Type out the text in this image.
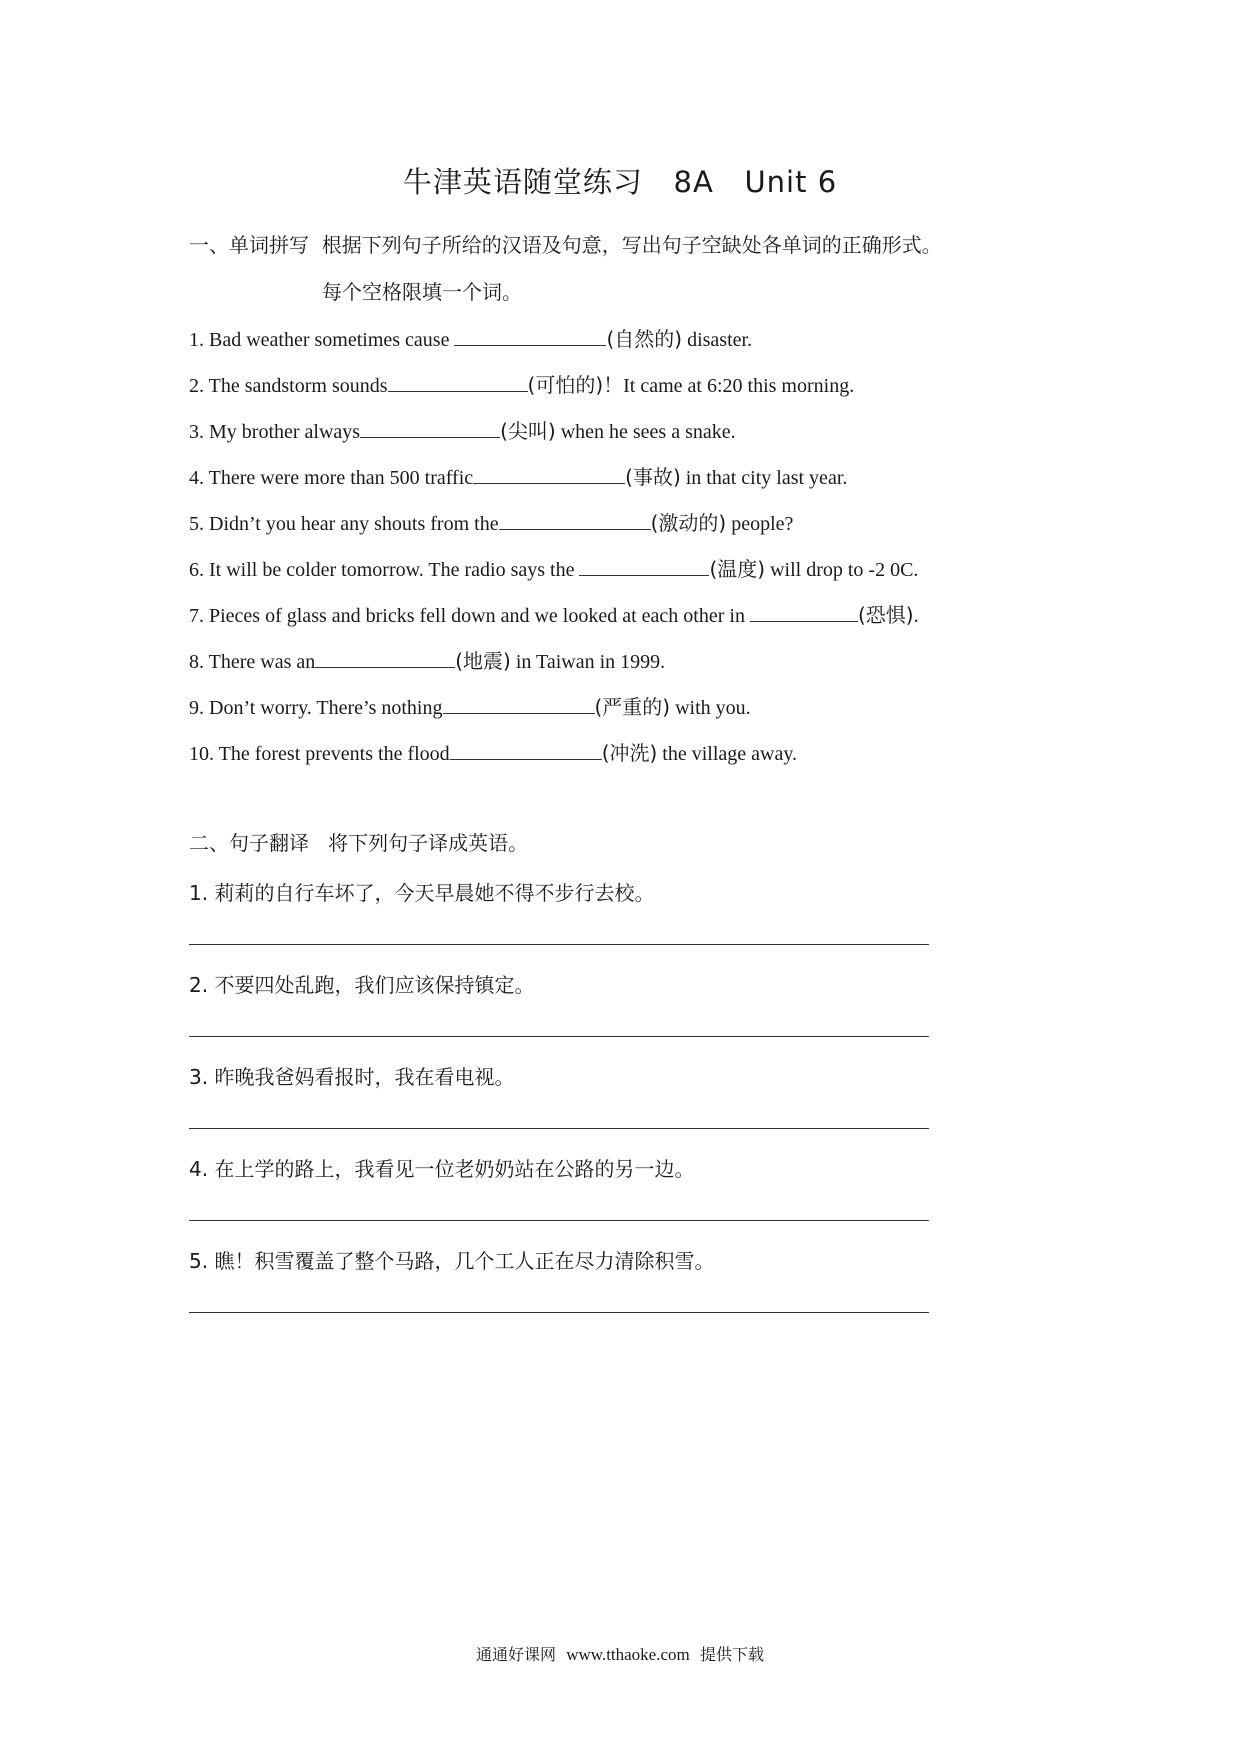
牛津英语随堂练习   8A   Unit 6
一、单词拼写  根据下列句子所给的汉语及句意，写出句子空缺处各单词的正确形式。
每个空格限填一个词。
1. Bad weather sometimes cause	(自然的) disaster.
2. The sandstorm sounds	(可怕的)！It came at 6:20 this morning.
3. My brother always	(尖叫) when he sees a snake.
4. There were more than 500 traffic	(事故) in that city last year.
5. Didn’t you hear any shouts from the	(激动的) people?
6. It will be colder tomorrow. The radio says the	(温度) will drop to -2 0C.
7. Pieces of glass and bricks fell down and we looked at each other in	(恐惧).
8. There was an	(地震) in Taiwan in 1999.
9. Don’t worry. There’s nothing	(严重的) with you.
10. The forest prevents the flood	(冲洗) the village away.
二、句子翻译   将下列句子译成英语。
1. 莉莉的自行车坏了，今天早晨她不得不步行去校。
2. 不要四处乱跑，我们应该保持镇定。
3. 昨晚我爸妈看报时，我在看电视。
4. 在上学的路上，我看见一位老奶奶站在公路的另一边。
5. 瞧！积雪覆盖了整个马路，几个工人正在尽力清除积雪。
通通好课网 www.tthaoke.com 提供下载
